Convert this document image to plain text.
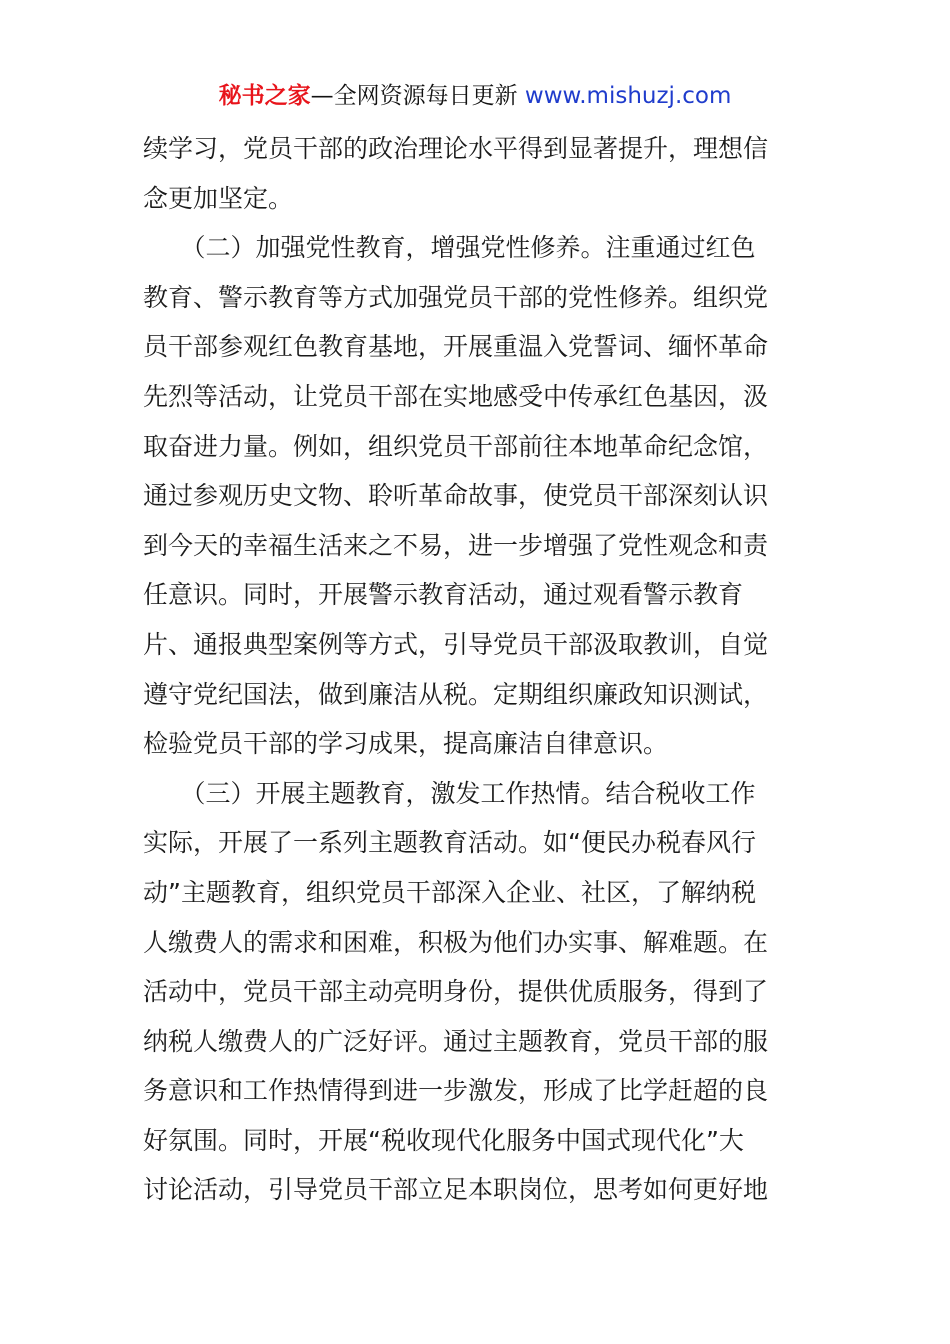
秘书之家—全网资源每日更新 www.mishuzj.com
续学习，党员干部的政治理论水平得到显著提升，理想信
念更加坚定。
　　（二）加强党性教育，增强党性修养。注重通过红色
教育、警示教育等方式加强党员干部的党性修养。组织党
员干部参观红色教育基地，开展重温入党誓词、缅怀革命
先烈等活动，让党员干部在实地感受中传承红色基因，汲
取奋进力量。例如，组织党员干部前往本地革命纪念馆，
通过参观历史文物、聆听革命故事，使党员干部深刻认识
到今天的幸福生活来之不易，进一步增强了党性观念和责
任意识。同时，开展警示教育活动，通过观看警示教育
片、通报典型案例等方式，引导党员干部汲取教训，自觉
遵守党纪国法，做到廉洁从税。定期组织廉政知识测试，
检验党员干部的学习成果，提高廉洁自律意识。
　　（三）开展主题教育，激发工作热情。结合税收工作
实际，开展了一系列主题教育活动。如“便民办税春风行
动”主题教育，组织党员干部深入企业、社区，了解纳税
人缴费人的需求和困难，积极为他们办实事、解难题。在
活动中，党员干部主动亮明身份，提供优质服务，得到了
纳税人缴费人的广泛好评。通过主题教育，党员干部的服
务意识和工作热情得到进一步激发，形成了比学赶超的良
好氛围。同时，开展“税收现代化服务中国式现代化”大
讨论活动，引导党员干部立足本职岗位，思考如何更好地
